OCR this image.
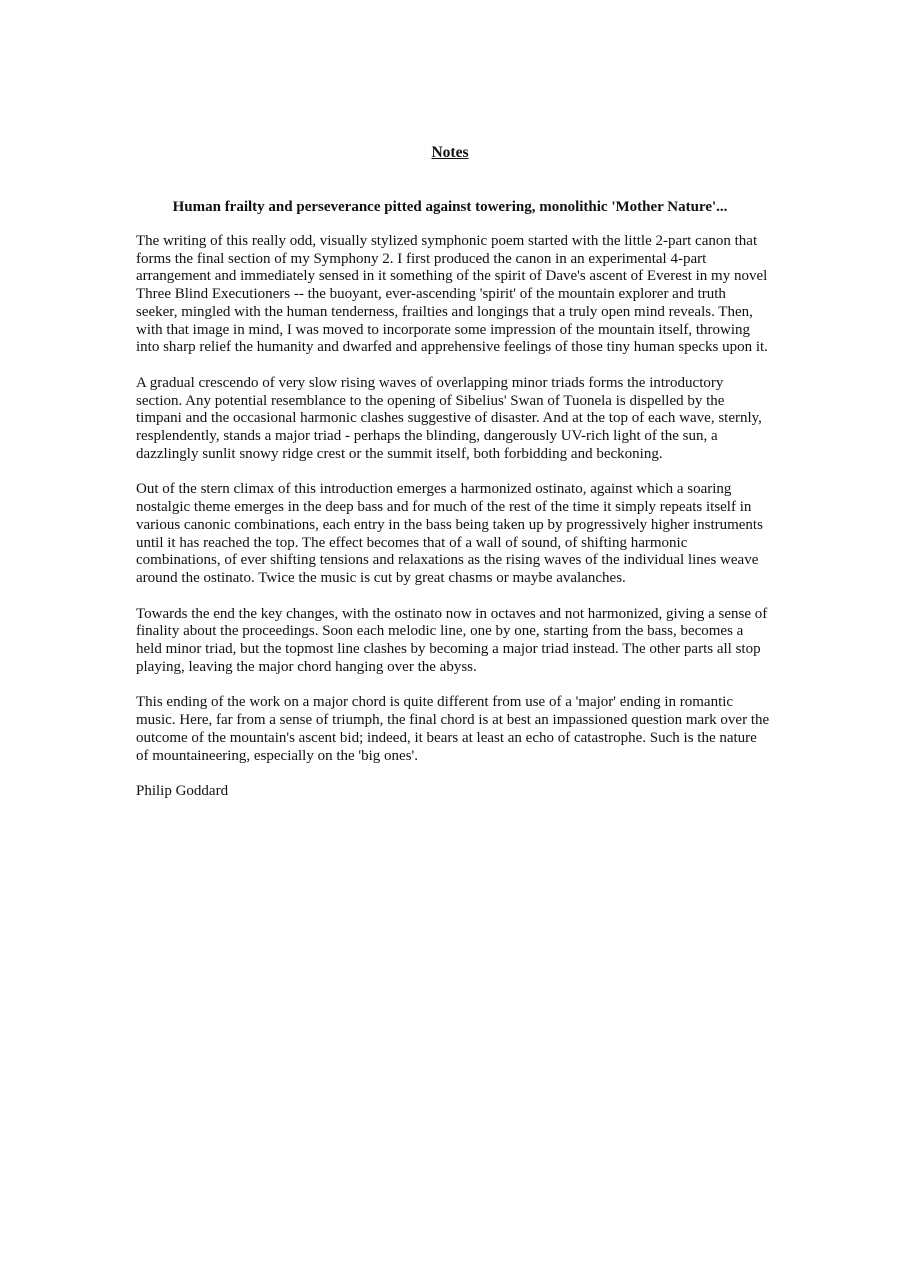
Notes
Human frailty and perseverance pitted against towering, monolithic 'Mother Nature'...

The writing of this really odd, visually stylized symphonic poem started with the little 2-part canon that forms the final section of my Symphony 2. I first produced the canon in an experimental 4-part arrangement and immediately sensed in it something of the spirit of Dave's ascent of Everest in my novel Three Blind Executioners -- the buoyant, ever-ascending 'spirit' of the mountain explorer and truth seeker, mingled with the human tenderness, frailties and longings that a truly open mind reveals. Then, with that image in mind, I was moved to incorporate some impression of the mountain itself, throwing into sharp relief the humanity and dwarfed and apprehensive feelings of those tiny human specks upon it.

A gradual crescendo of very slow rising waves of overlapping minor triads forms the introductory section. Any potential resemblance to the opening of Sibelius' Swan of Tuonela is dispelled by the timpani and the occasional harmonic clashes suggestive of disaster. And at the top of each wave, sternly, resplendently, stands a major triad - perhaps the blinding, dangerously UV-rich light of the sun, a dazzlingly sunlit snowy ridge crest or the summit itself, both forbidding and beckoning.

Out of the stern climax of this introduction emerges a harmonized ostinato, against which a soaring nostalgic theme emerges in the deep bass and for much of the rest of the time it simply repeats itself in various canonic combinations, each entry in the bass being taken up by progressively higher instruments until it has reached the top. The effect becomes that of a wall of sound, of shifting harmonic combinations, of ever shifting tensions and relaxations as the rising waves of the individual lines weave around the ostinato. Twice the music is cut by great chasms or maybe avalanches.

Towards the end the key changes, with the ostinato now in octaves and not harmonized, giving a sense of finality about the proceedings. Soon each melodic line, one by one, starting from the bass, becomes a held minor triad, but the topmost line clashes by becoming a major triad instead. The other parts all stop playing, leaving the major chord hanging over the abyss.

This ending of the work on a major chord is quite different from use of a 'major' ending in romantic music. Here, far from a sense of triumph, the final chord is at best an impassioned question mark over the outcome of the mountain's ascent bid; indeed, it bears at least an echo of catastrophe. Such is the nature of mountaineering, especially on the 'big ones'.

Philip Goddard
